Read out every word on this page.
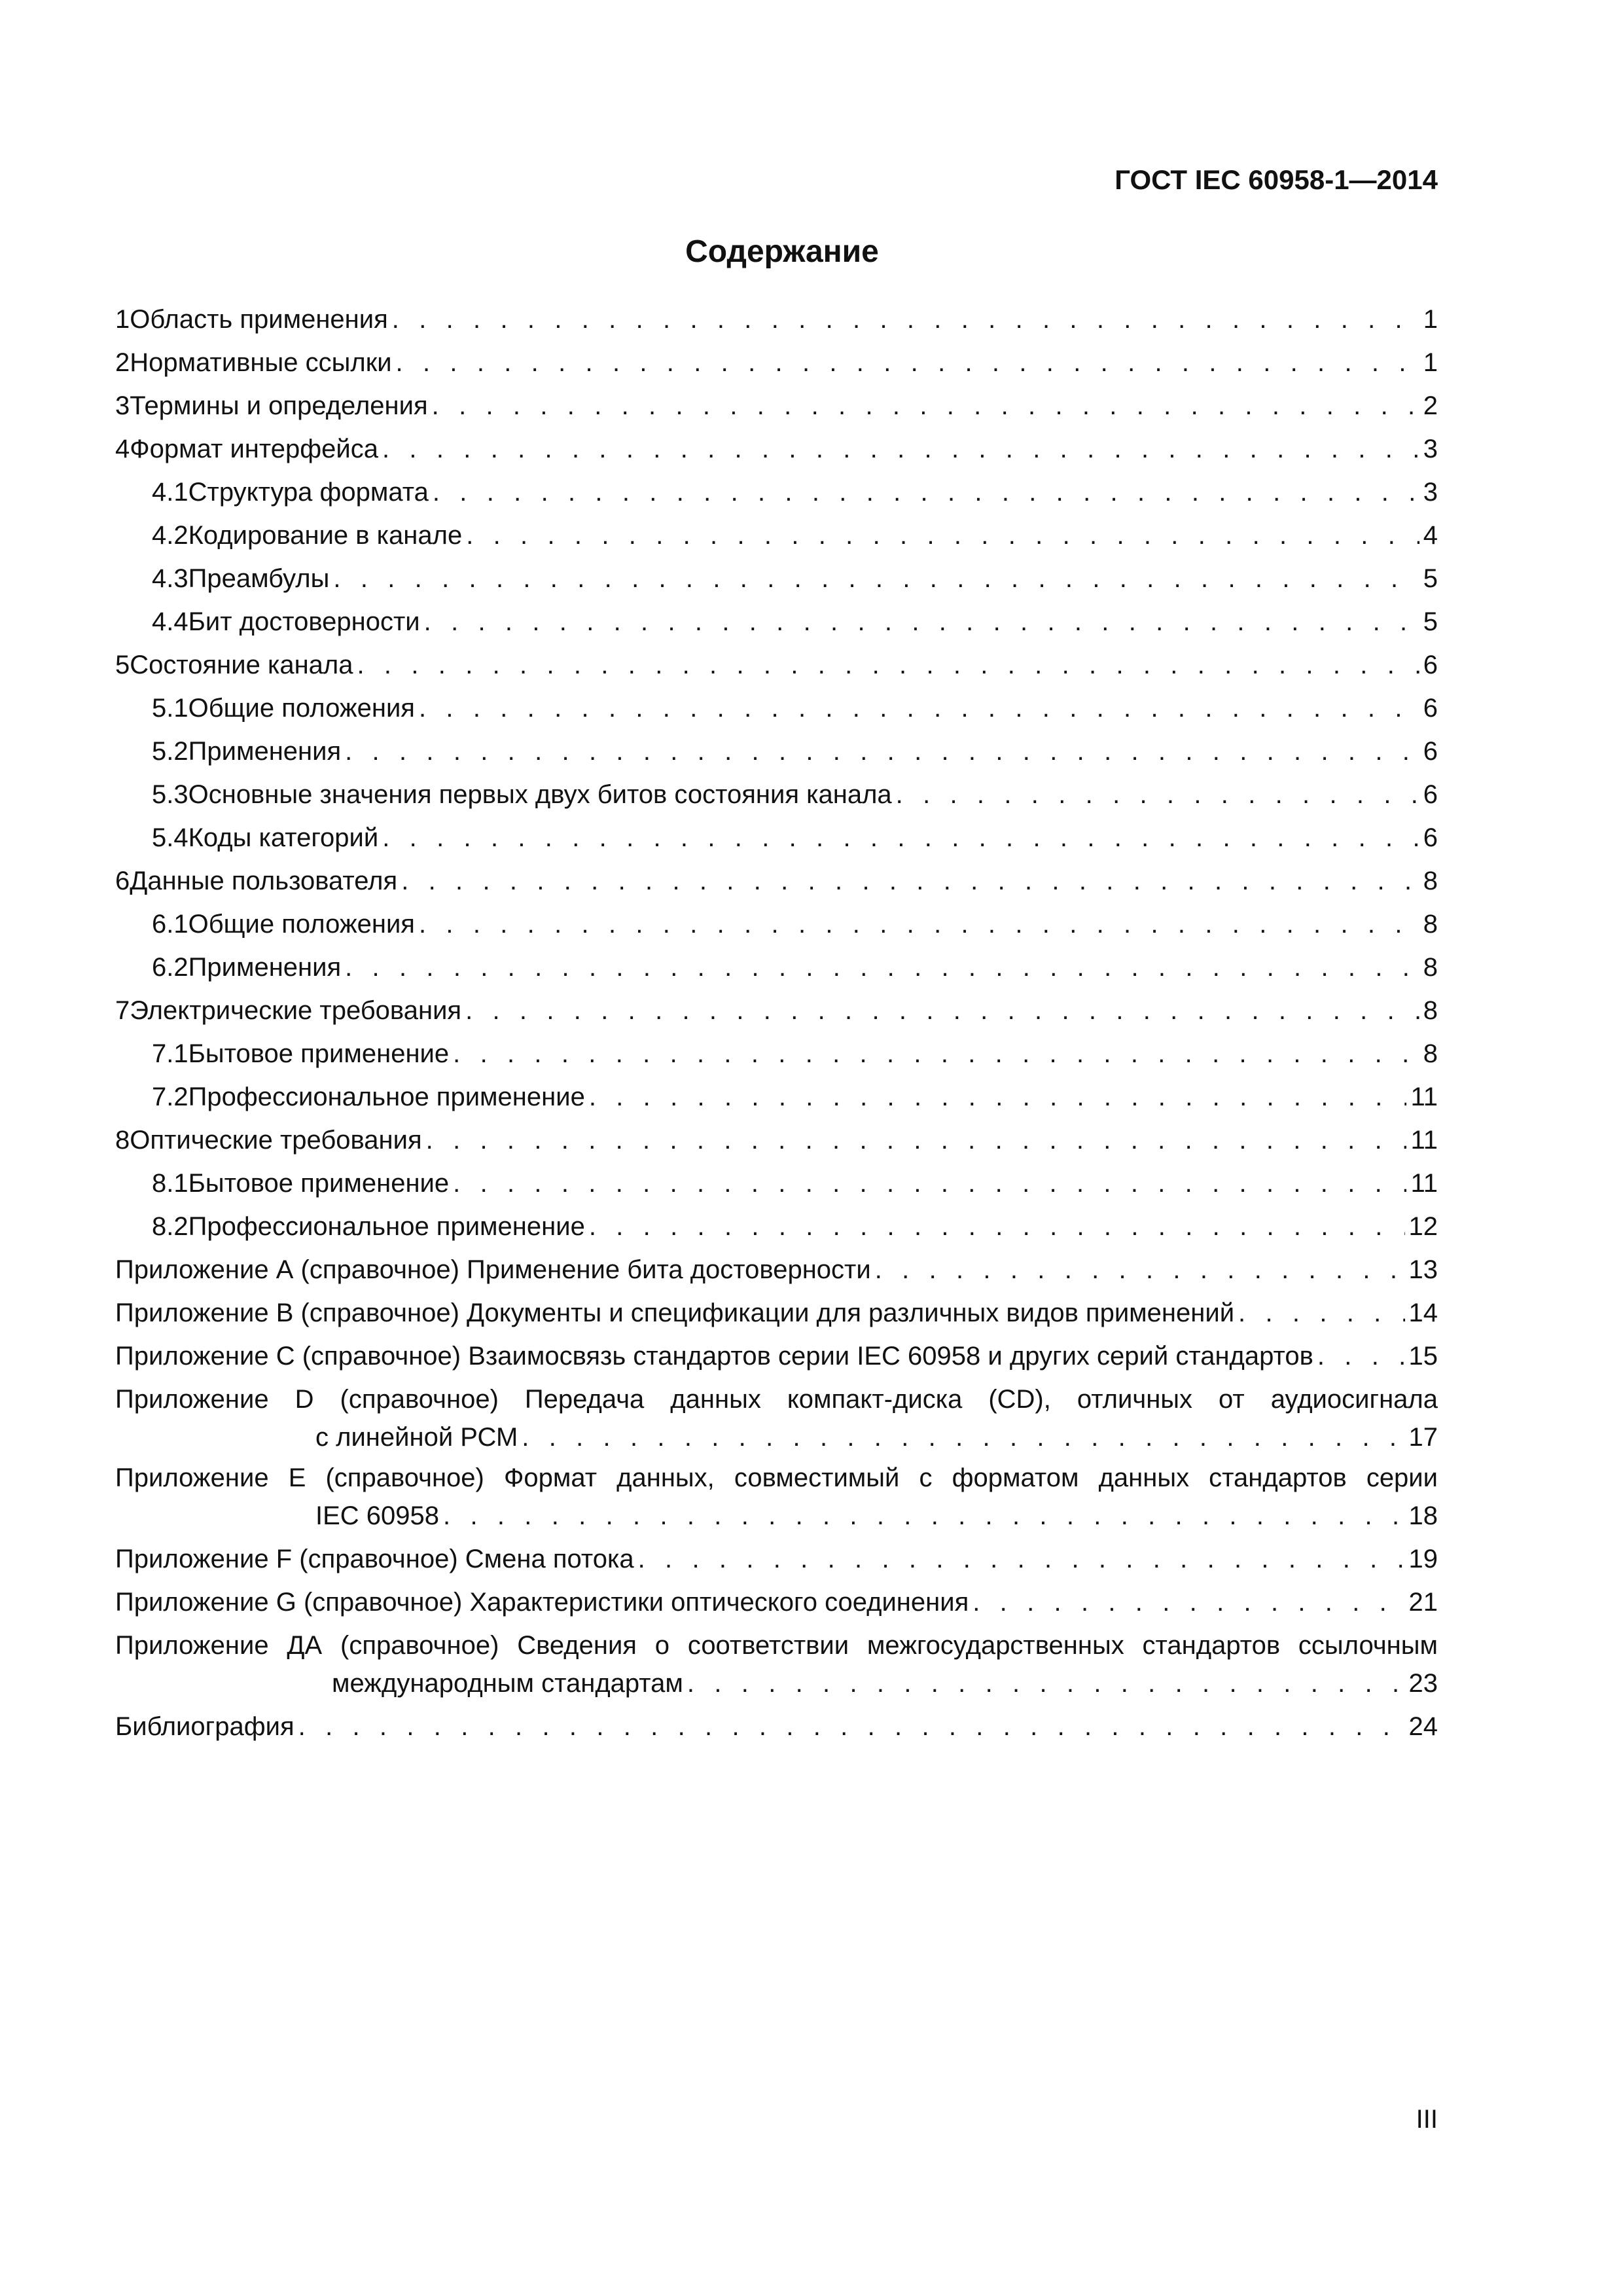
ГОСТ IEC 60958-1—2014
Содержание
1 Область применения . . .	1
2 Нормативные ссылки . . .	1
3 Термины и определения . . .	2
4 Формат интерфейса . . .	3
4.1 Структура формата . . .	3
4.2 Кодирование в канале . . .	4
4.3 Преамбулы . . .	5
4.4 Бит достоверности . . .	5
5 Состояние канала . . .	6
5.1 Общие положения . . .	6
5.2 Применения . . .	6
5.3 Основные значения первых двух битов состояния канала . . .	6
5.4 Коды категорий . . .	6
6 Данные пользователя . . .	8
6.1 Общие положения . . .	8
6.2 Применения . . .	8
7 Электрические требования . . .	8
7.1 Бытовое применение . . .	8
7.2 Профессиональное применение . . .	11
8 Оптические требования . . .	11
8.1 Бытовое применение . . .	11
8.2 Профессиональное применение . . .	12
Приложение А (справочное) Применение бита достоверности . . .	13
Приложение В (справочное) Документы и спецификации для различных видов применений . . .	14
Приложение С (справочное) Взаимосвязь стандартов серии IEC 60958 и других серий стандартов . . .	15
Приложение D (справочное) Передача данных компакт-диска (CD), отличных от аудиосигнала
с линейной РСМ . . .	17
Приложение Е (справочное) Формат данных, совместимый с форматом данных стандартов серии
IEC 60958 . . .	18
Приложение F (справочное) Смена потока . . .	19
Приложение G (справочное) Характеристики оптического соединения . . .	21
Приложение ДА (справочное) Сведения о соответствии межгосударственных стандартов ссылочным
международным стандартам . . .	23
Библиография . . .	24
III
